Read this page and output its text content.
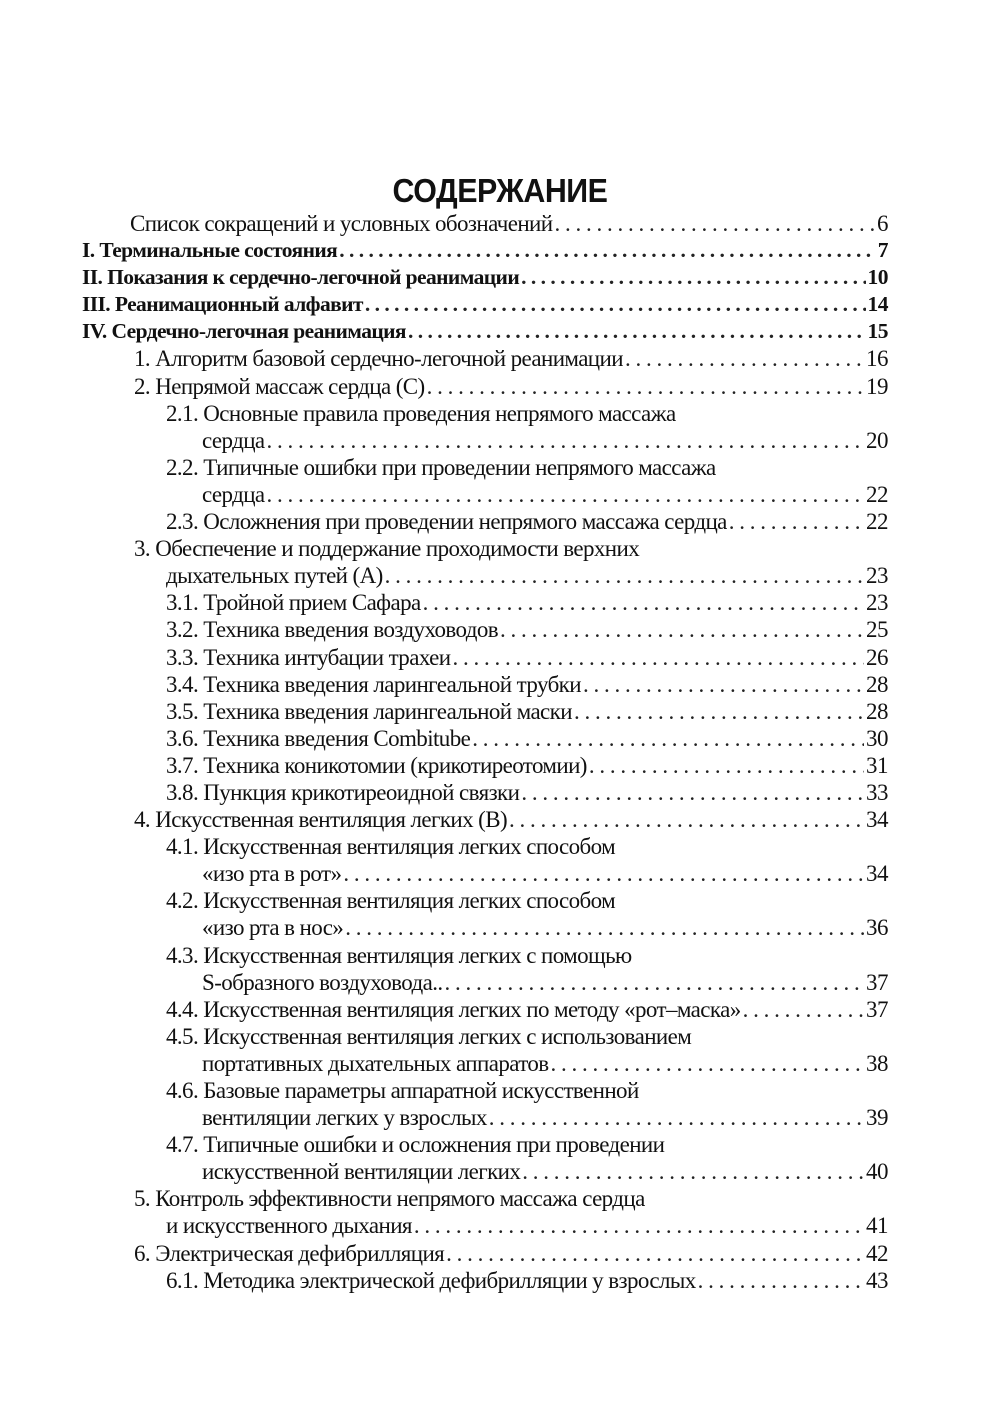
СОДЕРЖАНИЕ
Список сокращений и условных обозначений . . .	6
I. Терминальные состояния . . .	7
II. Показания к сердечно-легочной реанимации . . .	10
III. Реанимационный алфавит . . .	14
IV. Сердечно-легочная реанимация . . .	15
1. Алгоритм базовой сердечно-легочной реанимации . . .	16
2. Непрямой массаж сердца (С) . . .	19
2.1. Основные правила проведения непрямого массажа
сердца . . .	20
2.2. Типичные ошибки при проведении непрямого массажа
сердца . . .	22
2.3. Осложнения при проведении непрямого массажа сердца . . .	22
3. Обеспечение и поддержание проходимости верхних
дыхательных путей (А) . . .	23
3.1. Тройной прием Сафара . . .	23
3.2. Техника введения воздуховодов . . .	25
3.3. Техника интубации трахеи . . .	26
3.4. Техника введения ларингеальной трубки . . .	28
3.5. Техника введения ларингеальной маски . . .	28
3.6. Техника введения Combitube . . .	30
3.7. Техника коникотомии (крикотиреотомии) . . .	31
3.8. Пункция крикотиреоидной связки . . .	33
4. Искусственная вентиляция легких (В) . . .	34
4.1. Искусственная вентиляция легких способом
«изо рта в рот» . . .	34
4.2. Искусственная вентиляция легких способом
«изо рта в нос» . . .	36
4.3. Искусственная вентиляция легких с помощью
S-образного воздуховода.. . . .	37
4.4. Искусственная вентиляция легких по методу «рот–маска» . . .	37
4.5. Искусственная вентиляция легких с использованием
портативных дыхательных аппаратов . . .	38
4.6. Базовые параметры аппаратной искусственной
вентиляции легких у взрослых . . .	39
4.7. Типичные ошибки и осложнения при проведении
искусственной вентиляции легких . . .	40
5. Контроль эффективности непрямого массажа сердца
и искусственного дыхания . . .	41
6. Электрическая дефибрилляция . . .	42
6.1. Методика электрической дефибрилляции у взрослых . . .	43
